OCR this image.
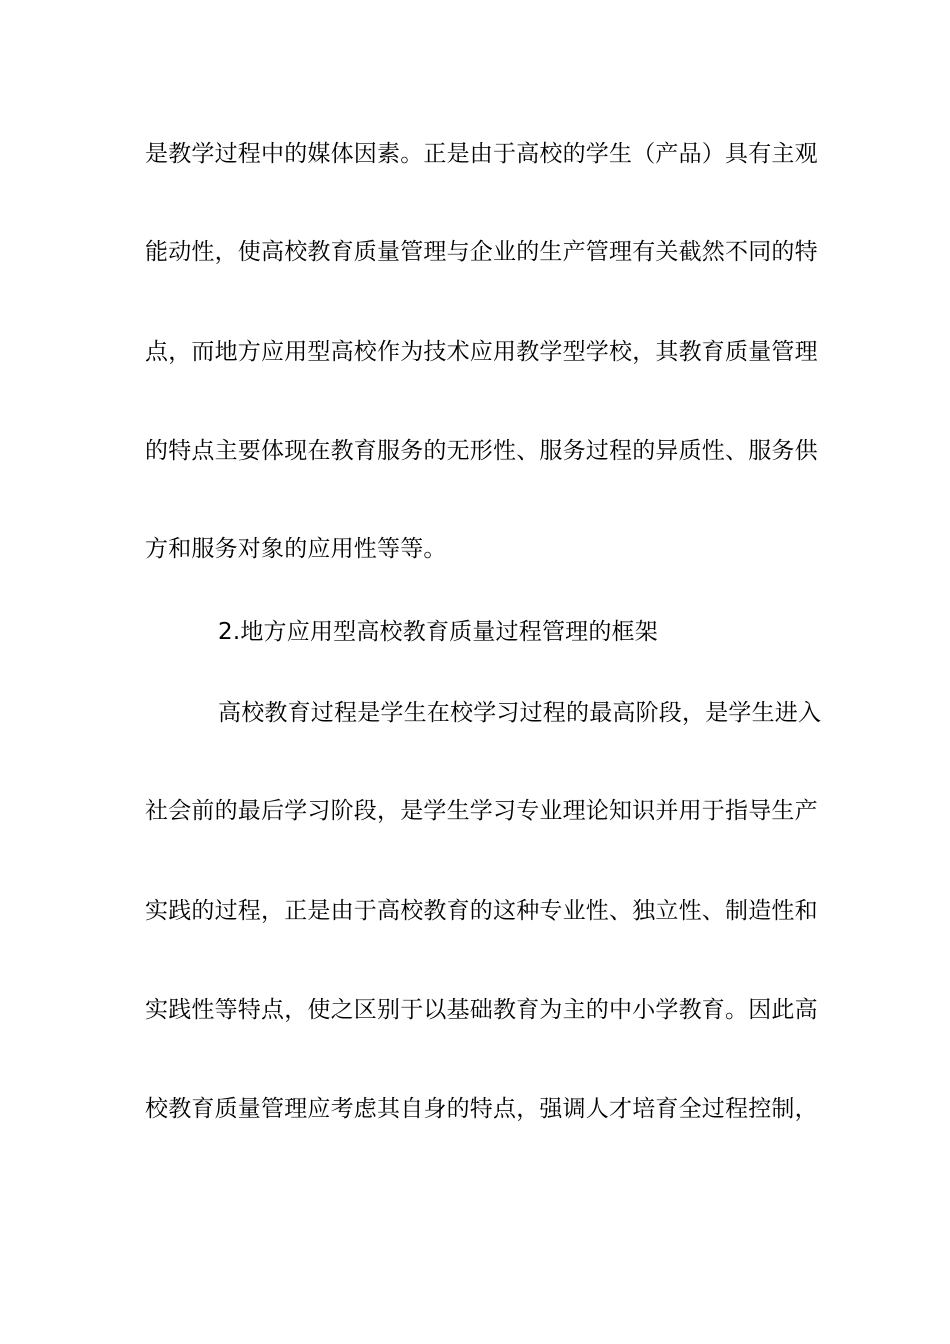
是教学过程中的媒体因素。正是由于高校的学生（产品）具有主观
能动性，使高校教育质量管理与企业的生产管理有关截然不同的特
点，而地方应用型高校作为技术应用教学型学校，其教育质量管理
的特点主要体现在教育服务的无形性、服务过程的异质性、服务供
方和服务对象的应用性等等。
2.地方应用型高校教育质量过程管理的框架
高校教育过程是学生在校学习过程的最高阶段，是学生进入
社会前的最后学习阶段，是学生学习专业理论知识并用于指导生产
实践的过程，正是由于高校教育的这种专业性、独立性、制造性和
实践性等特点，使之区别于以基础教育为主的中小学教育。因此高
校教育质量管理应考虑其自身的特点，强调人才培育全过程控制，
